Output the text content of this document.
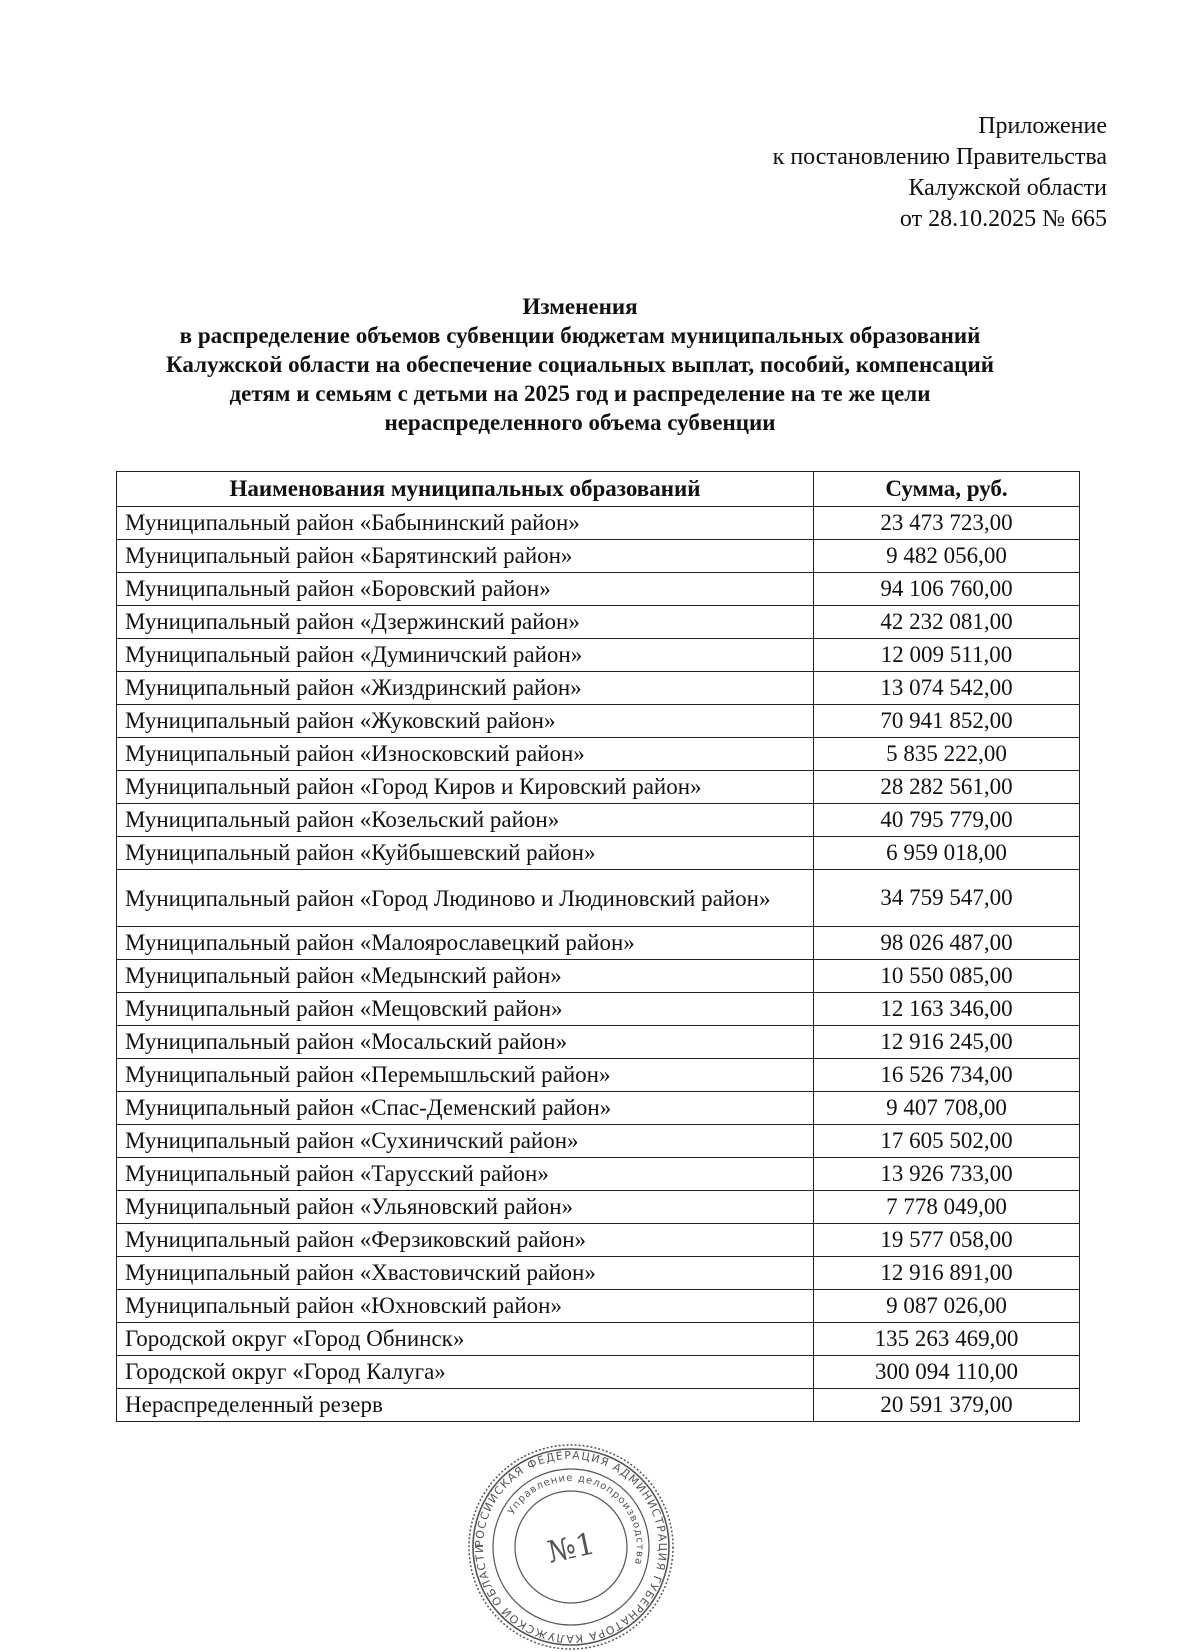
Приложение
к постановлению Правительства
Калужской области
от 28.10.2025 № 665
Изменения
в распределение объемов субвенции бюджетам муниципальных образований
Калужской области на обеспечение социальных выплат, пособий, компенсаций
детям и семьям с детьми на 2025 год и распределение на те же цели
нераспределенного объема субвенции
Наименования муниципальных образований	Сумма, руб.
Муниципальный район «Бабынинский район»	23 473 723,00
Муниципальный район «Барятинский район»	9 482 056,00
Муниципальный район «Боровский район»	94 106 760,00
Муниципальный район «Дзержинский район»	42 232 081,00
Муниципальный район «Думиничский район»	12 009 511,00
Муниципальный район «Жиздринский район»	13 074 542,00
Муниципальный район «Жуковский район»	70 941 852,00
Муниципальный район «Износковский район»	5 835 222,00
Муниципальный район «Город Киров и Кировский район»	28 282 561,00
Муниципальный район «Козельский район»	40 795 779,00
Муниципальный район «Куйбышевский район»	6 959 018,00
Муниципальный район «Город Людиново и Людиновский район»	34 759 547,00
Муниципальный район «Малоярославецкий район»	98 026 487,00
Муниципальный район «Медынский район»	10 550 085,00
Муниципальный район «Мещовский район»	12 163 346,00
Муниципальный район «Мосальский район»	12 916 245,00
Муниципальный район «Перемышльский район»	16 526 734,00
Муниципальный район «Спас-Деменский район»	9 407 708,00
Муниципальный район «Сухиничский район»	17 605 502,00
Муниципальный район «Тарусский район»	13 926 733,00
Муниципальный район «Ульяновский район»	7 778 049,00
Муниципальный район «Ферзиковский район»	19 577 058,00
Муниципальный район «Хвастовичский район»	12 916 891,00
Муниципальный район «Юхновский район»	9 087 026,00
Городской округ «Город Обнинск»	135 263 469,00
Городской округ «Город Калуга»	300 094 110,00
Нераспределенный резерв	20 591 379,00
РОССИЙСКАЯ ФЕДЕРАЦИЯ АДМИНИСТРАЦИЯ ГУБЕРНАТОРА КАЛУЖСКОЙ ОБЛАСТИ
Управление делопроизводства
№1
